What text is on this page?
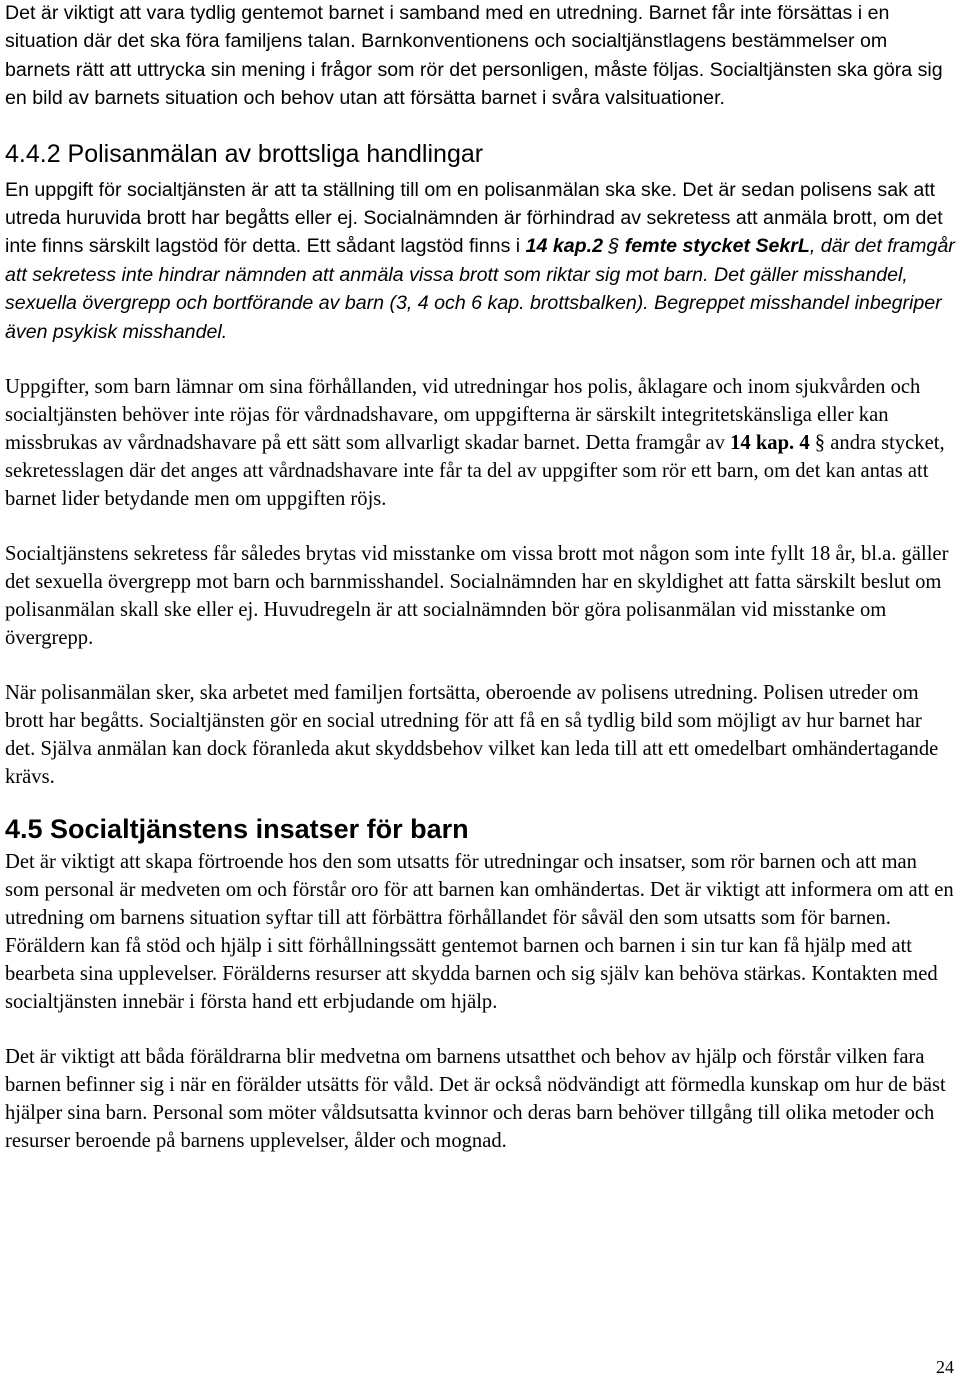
Det är viktigt att vara tydlig gentemot barnet i samband med en utredning. Barnet får inte försättas i en situation där det ska föra familjens talan. Barnkonventionens och socialtjänstlagens bestämmelser om barnets rätt att uttrycka sin mening i frågor som rör det personligen, måste följas. Socialtjänsten ska göra sig en bild av barnets situation och behov utan att försätta barnet i svåra valsituationer.

4.4.2 Polisanmälan av brottsliga handlingar

En uppgift för socialtjänsten är att ta ställning till om en polisanmälan ska ske. Det är sedan polisens sak att utreda huruvida brott har begåtts eller ej. Socialnämnden är förhindrad av sekretess att anmäla brott, om det inte finns särskilt lagstöd för detta. Ett sådant lagstöd finns i 14 kap.2 § femte stycket SekrL, där det framgår att sekretess inte hindrar nämnden att anmäla vissa brott som riktar sig mot barn. Det gäller misshandel, sexuella övergrepp och bortförande av barn (3, 4 och 6 kap. brottsbalken). Begreppet misshandel inbegriper även psykisk misshandel.

Uppgifter, som barn lämnar om sina förhållanden, vid utredningar hos polis, åklagare och inom sjukvården och socialtjänsten behöver inte röjas för vårdnadshavare, om uppgifterna är särskilt integritetskänsliga eller kan missbrukas av vårdnadshavare på ett sätt som allvarligt skadar barnet. Detta framgår av 14 kap. 4 § andra stycket, sekretesslagen där det anges att vårdnadshavare inte får ta del av uppgifter som rör ett barn, om det kan antas att barnet lider betydande men om uppgiften röjs.

Socialtjänstens sekretess får således brytas vid misstanke om vissa brott mot någon som inte fyllt 18 år, bl.a. gäller det sexuella övergrepp mot barn och barnmisshandel. Socialnämnden har en skyldighet att fatta särskilt beslut om polisanmälan skall ske eller ej. Huvudregeln är att socialnämnden bör göra polisanmälan vid misstanke om övergrepp.

När polisanmälan sker, ska arbetet med familjen fortsätta, oberoende av polisens utredning. Polisen utreder om brott har begåtts. Socialtjänsten gör en social utredning för att få en så tydlig bild som möjligt av hur barnet har det. Själva anmälan kan dock föranleda akut skyddsbehov vilket kan leda till att ett omedelbart omhändertagande krävs.

4.5 Socialtjänstens insatser för barn

Det är viktigt att skapa förtroende hos den som utsatts för utredningar och insatser, som rör barnen och att man som personal är medveten om och förstår oro för att barnen kan omhändertas. Det är viktigt att informera om att en utredning om barnens situation syftar till att förbättra förhållandet för såväl den som utsatts som för barnen. Föräldern kan få stöd och hjälp i sitt förhållningssätt gentemot barnen och barnen i sin tur kan få hjälp med att bearbeta sina upplevelser. Förälderns resurser att skydda barnen och sig själv kan behöva stärkas. Kontakten med socialtjänsten innebär i första hand ett erbjudande om hjälp.

Det är viktigt att båda föräldrarna blir medvetna om barnens utsatthet och behov av hjälp och förstår vilken fara barnen befinner sig i när en förälder utsätts för våld. Det är också nödvändigt att förmedla kunskap om hur de bäst hjälper sina barn. Personal som möter våldsutsatta kvinnor och deras barn behöver tillgång till olika metoder och resurser beroende på barnens upplevelser, ålder och mognad.

24
